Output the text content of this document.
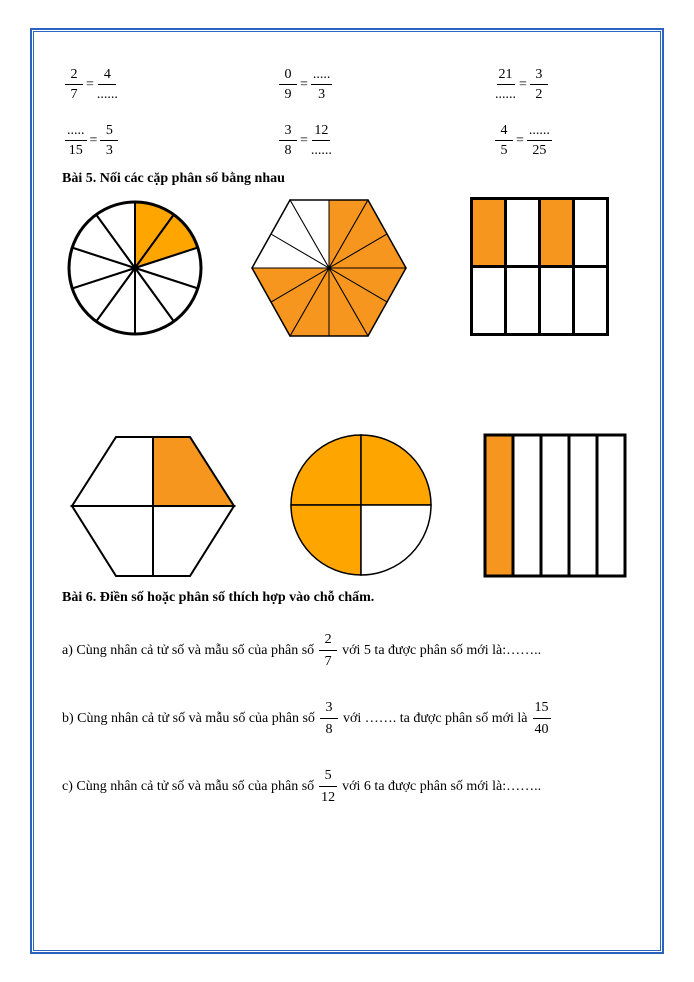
$\frac{2}{7} = \frac{4}{......}$	$\frac{0}{9} = \frac{.....}{3}$	$\frac{21}{......} = \frac{3}{2}$
$\frac{.....}{15} = \frac{5}{3}$	$\frac{3}{8} = \frac{12}{......}$	$\frac{4}{5} = \frac{......}{25}$
Bài 5. Nối các cặp phân số bằng nhau
Bài 6. Điền số hoặc phân số thích hợp vào chỗ chấm.
a) Cùng nhân cả tử số và mẫu số của phân số $\frac{2}{7}$ với 5 ta được phân số mới là:……..
b) Cùng nhân cả tử số và mẫu số của phân số $\frac{3}{8}$ với ……. ta được phân số mới là $\frac{15}{40}$
c) Cùng nhân cả tử số và mẫu số của phân số $\frac{5}{12}$ với 6 ta được phân số mới là:……..
